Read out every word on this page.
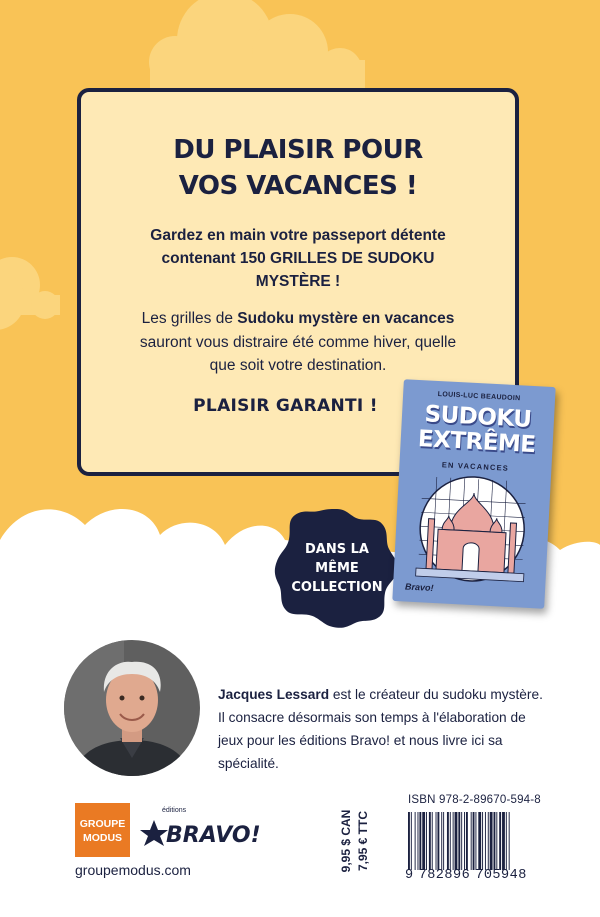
DU PLAISIR POUR
VOS VACANCES !

Gardez en main votre passeport détente contenant 150 GRILLES DE SUDOKU MYSTÈRE !

Les grilles de Sudoku mystère en vacances sauront vous distraire été comme hiver, quelle que soit votre destination.

PLAISIR GARANTI !

DANS LA
MÊME
COLLECTION
LOUIS-LUC BEAUDOIN
SUDOKU
EXTRÊME
EN VACANCES
Bravo!

Jacques Lessard est le créateur du sudoku mystère. Il consacre désormais son temps à l'élaboration de jeux pour les éditions Bravo! et nous livre ici sa spécialité.

GROUPE
MODUS
éditions
BRAVO!
groupemodus.com	9,95 $ CAN 7,95 € TTC
ISBN 978-2-89670-594-8
9 782896 705948
